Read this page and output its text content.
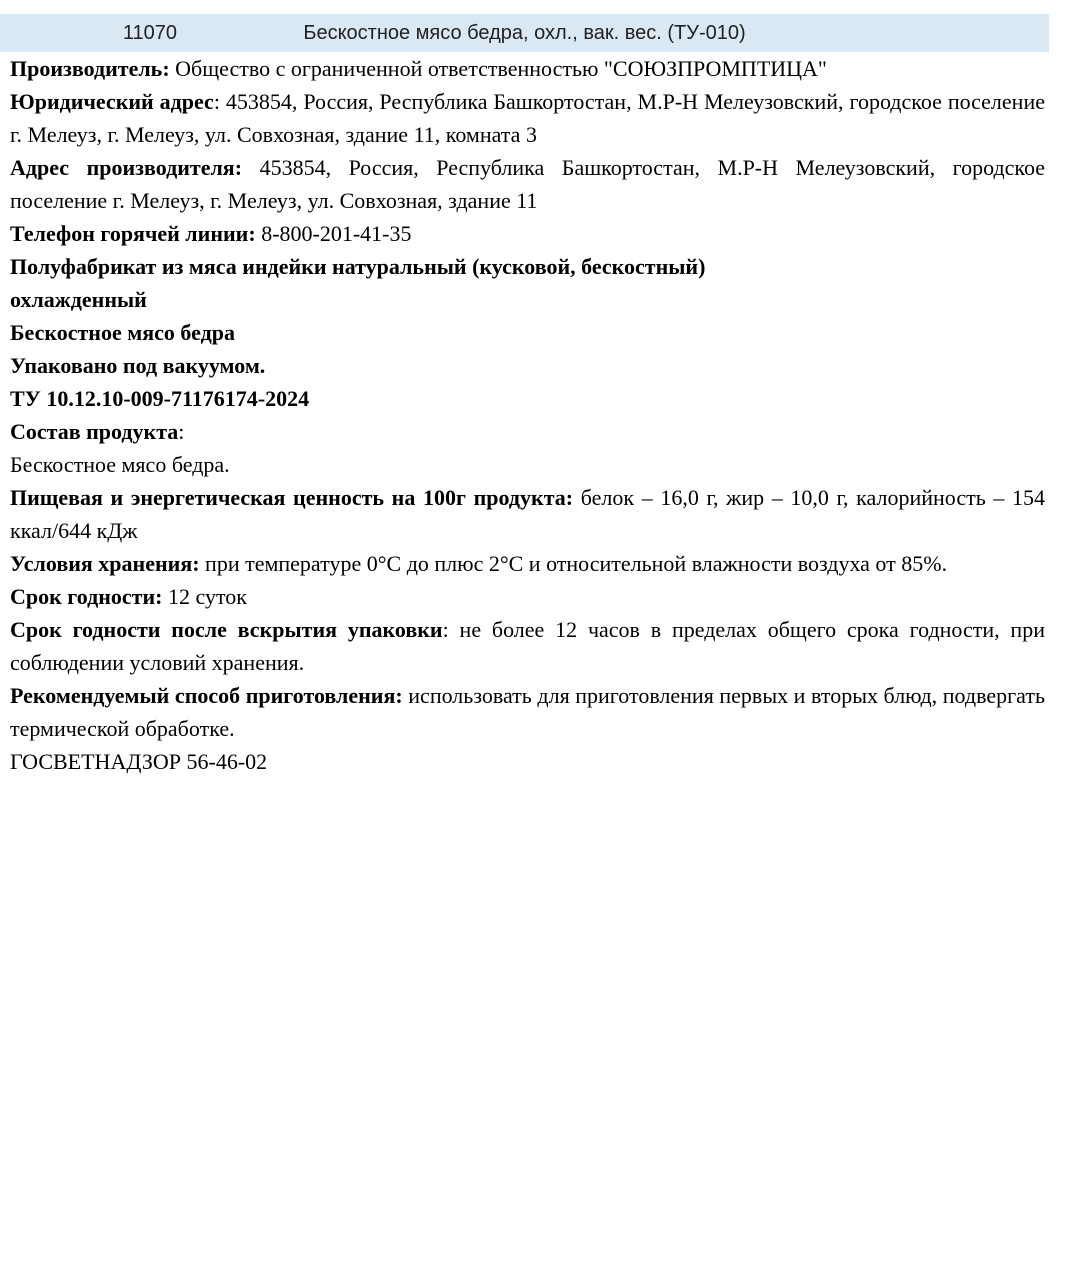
11070	Бескостное мясо бедра, охл., вак. вес. (ТУ-010)

Производитель: Общество с ограниченной ответственностью "СОЮЗПРОМПТИЦА"

Юридический адрес: 453854, Россия, Республика Башкортостан, М.Р-Н Мелеузовский, городское поселение г. Мелеуз, г. Мелеуз, ул. Совхозная, здание 11, комната 3

Адрес производителя: 453854, Россия, Республика Башкортостан, М.Р-Н Мелеузовский, городское поселение г. Мелеуз, г. Мелеуз, ул. Совхозная, здание 11

Телефон горячей линии: 8-800-201-41-35

Полуфабрикат из мяса индейки натуральный (кусковой, бескостный)
охлажденный
Бескостное мясо бедра
Упаковано под вакуумом.

ТУ 10.12.10-009-71176174-2024

Состав продукта:
Бескостное мясо бедра.

Пищевая и энергетическая ценность на 100г продукта: белок – 16,0 г, жир – 10,0 г, калорийность – 154 ккал/644 кДж

Условия хранения: при температуре 0°С до плюс 2°С и относительной влажности воздуха от 85%.

Срок годности: 12 суток

Срок годности после вскрытия упаковки: не более 12 часов в пределах общего срока годности, при соблюдении условий хранения.

Рекомендуемый способ приготовления: использовать для приготовления первых и вторых блюд, подвергать термической обработке.

ГОСВЕТНАДЗОР 56-46-02
